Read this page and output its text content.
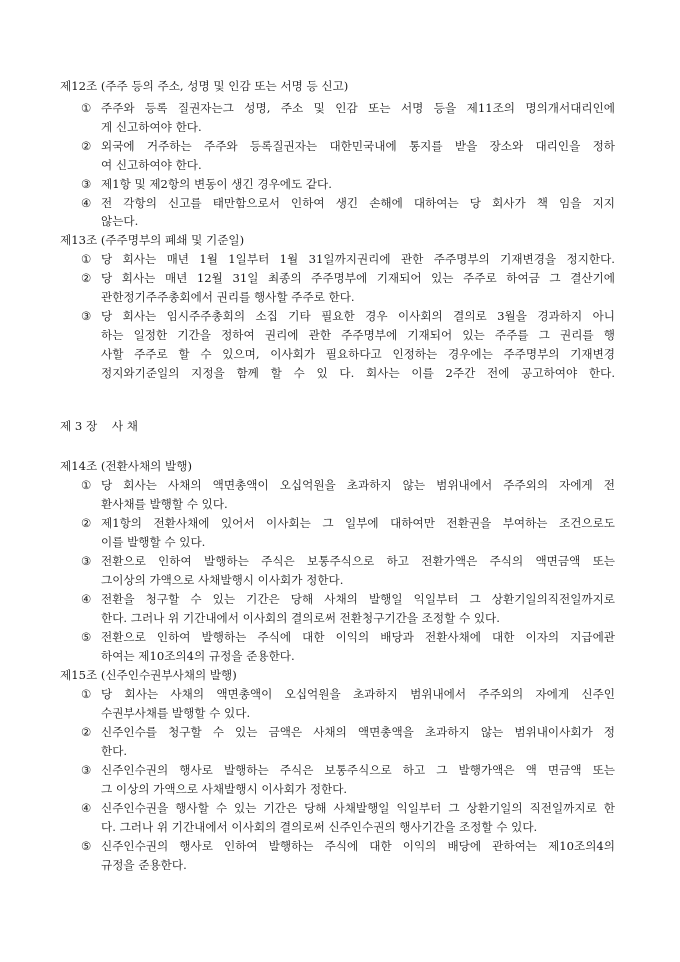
제12조 (주주 등의 주소, 성명 및 인감 또는 서명 등 신고)
① 주주와 등록 질권자는그 성명, 주소 및 인감 또는 서명 등을 제11조의 명의개서대리인에
게 신고하여야 한다.
② 외국에 거주하는 주주와 등록질권자는 대한민국내에 통지를 받을 장소와 대리인을 정하
여 신고하여야 한다.
③ 제1항 및 제2항의 변동이 생긴 경우에도 같다.
④ 전 각항의 신고를 태만함으로서 인하여 생긴 손해에 대하여는 당 회사가 책 임을 지지
않는다.
제13조 (주주명부의 폐쇄 및 기준일)
① 당 회사는 매년 1월 1일부터 1월 31일까지권리에 관한 주주명부의 기재변경을 정지한다.
② 당 회사는 매년 12월 31일 최종의 주주명부에 기재되어 있는 주주로 하여금 그 결산기에
관한정기주주총회에서 권리를 행사할 주주로 한다.
③ 당 회사는 임시주주총회의 소집 기타 필요한 경우 이사회의 결의로 3월을 경과하지 아니
하는 일정한 기간을 정하여 권리에 관한 주주명부에 기재되어 있는 주주를 그 권리를 행
사할 주주로 할 수 있으며, 이사회가 필요하다고 인정하는 경우에는 주주명부의 기재변경
정지와기준일의 지정을 함께 할 수 있 다. 회사는 이를 2주간 전에 공고하여야 한다.
제 3 장    사 채
제14조 (전환사채의 발행)
① 당 회사는 사채의 액면총액이 오십억원을 초과하지 않는 범위내에서 주주외의 자에게 전
환사채를 발행할 수 있다.
② 제1항의 전환사채에 있어서 이사회는 그 일부에 대하여만 전환권을 부여하는 조건으로도
이를 발행할 수 있다.
③ 전환으로 인하여 발행하는 주식은 보통주식으로 하고 전환가액은 주식의 액면금액 또는
그이상의 가액으로 사채발행시 이사회가 정한다.
④ 전환을 청구할 수 있는 기간은 당해 사채의 발행일 익일부터 그 상환기일의직전일까지로
한다. 그러나 위 기간내에서 이사회의 결의로써 전환청구기간을 조정할 수 있다.
⑤ 전환으로 인하여 발행하는 주식에 대한 이익의 배당과 전환사채에 대한 이자의 지급에관
하여는 제10조의4의 규정을 준용한다.
제15조 (신주인수권부사채의 발행)
① 당 회사는 사채의 액면총액이 오십억원을 초과하지 범위내에서 주주외의 자에게 신주인
수권부사채를 발행할 수 있다.
② 신주인수를 청구할 수 있는 금액은 사채의 액면총액을 초과하지 않는 범위내이사회가 정
한다.
③ 신주인수권의 행사로 발행하는 주식은 보통주식으로 하고 그 발행가액은 액 면금액 또는
그 이상의 가액으로 사채발행시 이사회가 정한다.
④ 신주인수권을 행사할 수 있는 기간은 당해 사채발행일 익일부터 그 상환기일의 직전일까지로 한
다. 그러나 위 기간내에서 이사회의 결의로써 신주인수권의 행사기간을 조정할 수 있다.
⑤ 신주인수권의 행사로 인하여 발행하는 주식에 대한 이익의 배당에 관하여는 제10조의4의
규정을 준용한다.
